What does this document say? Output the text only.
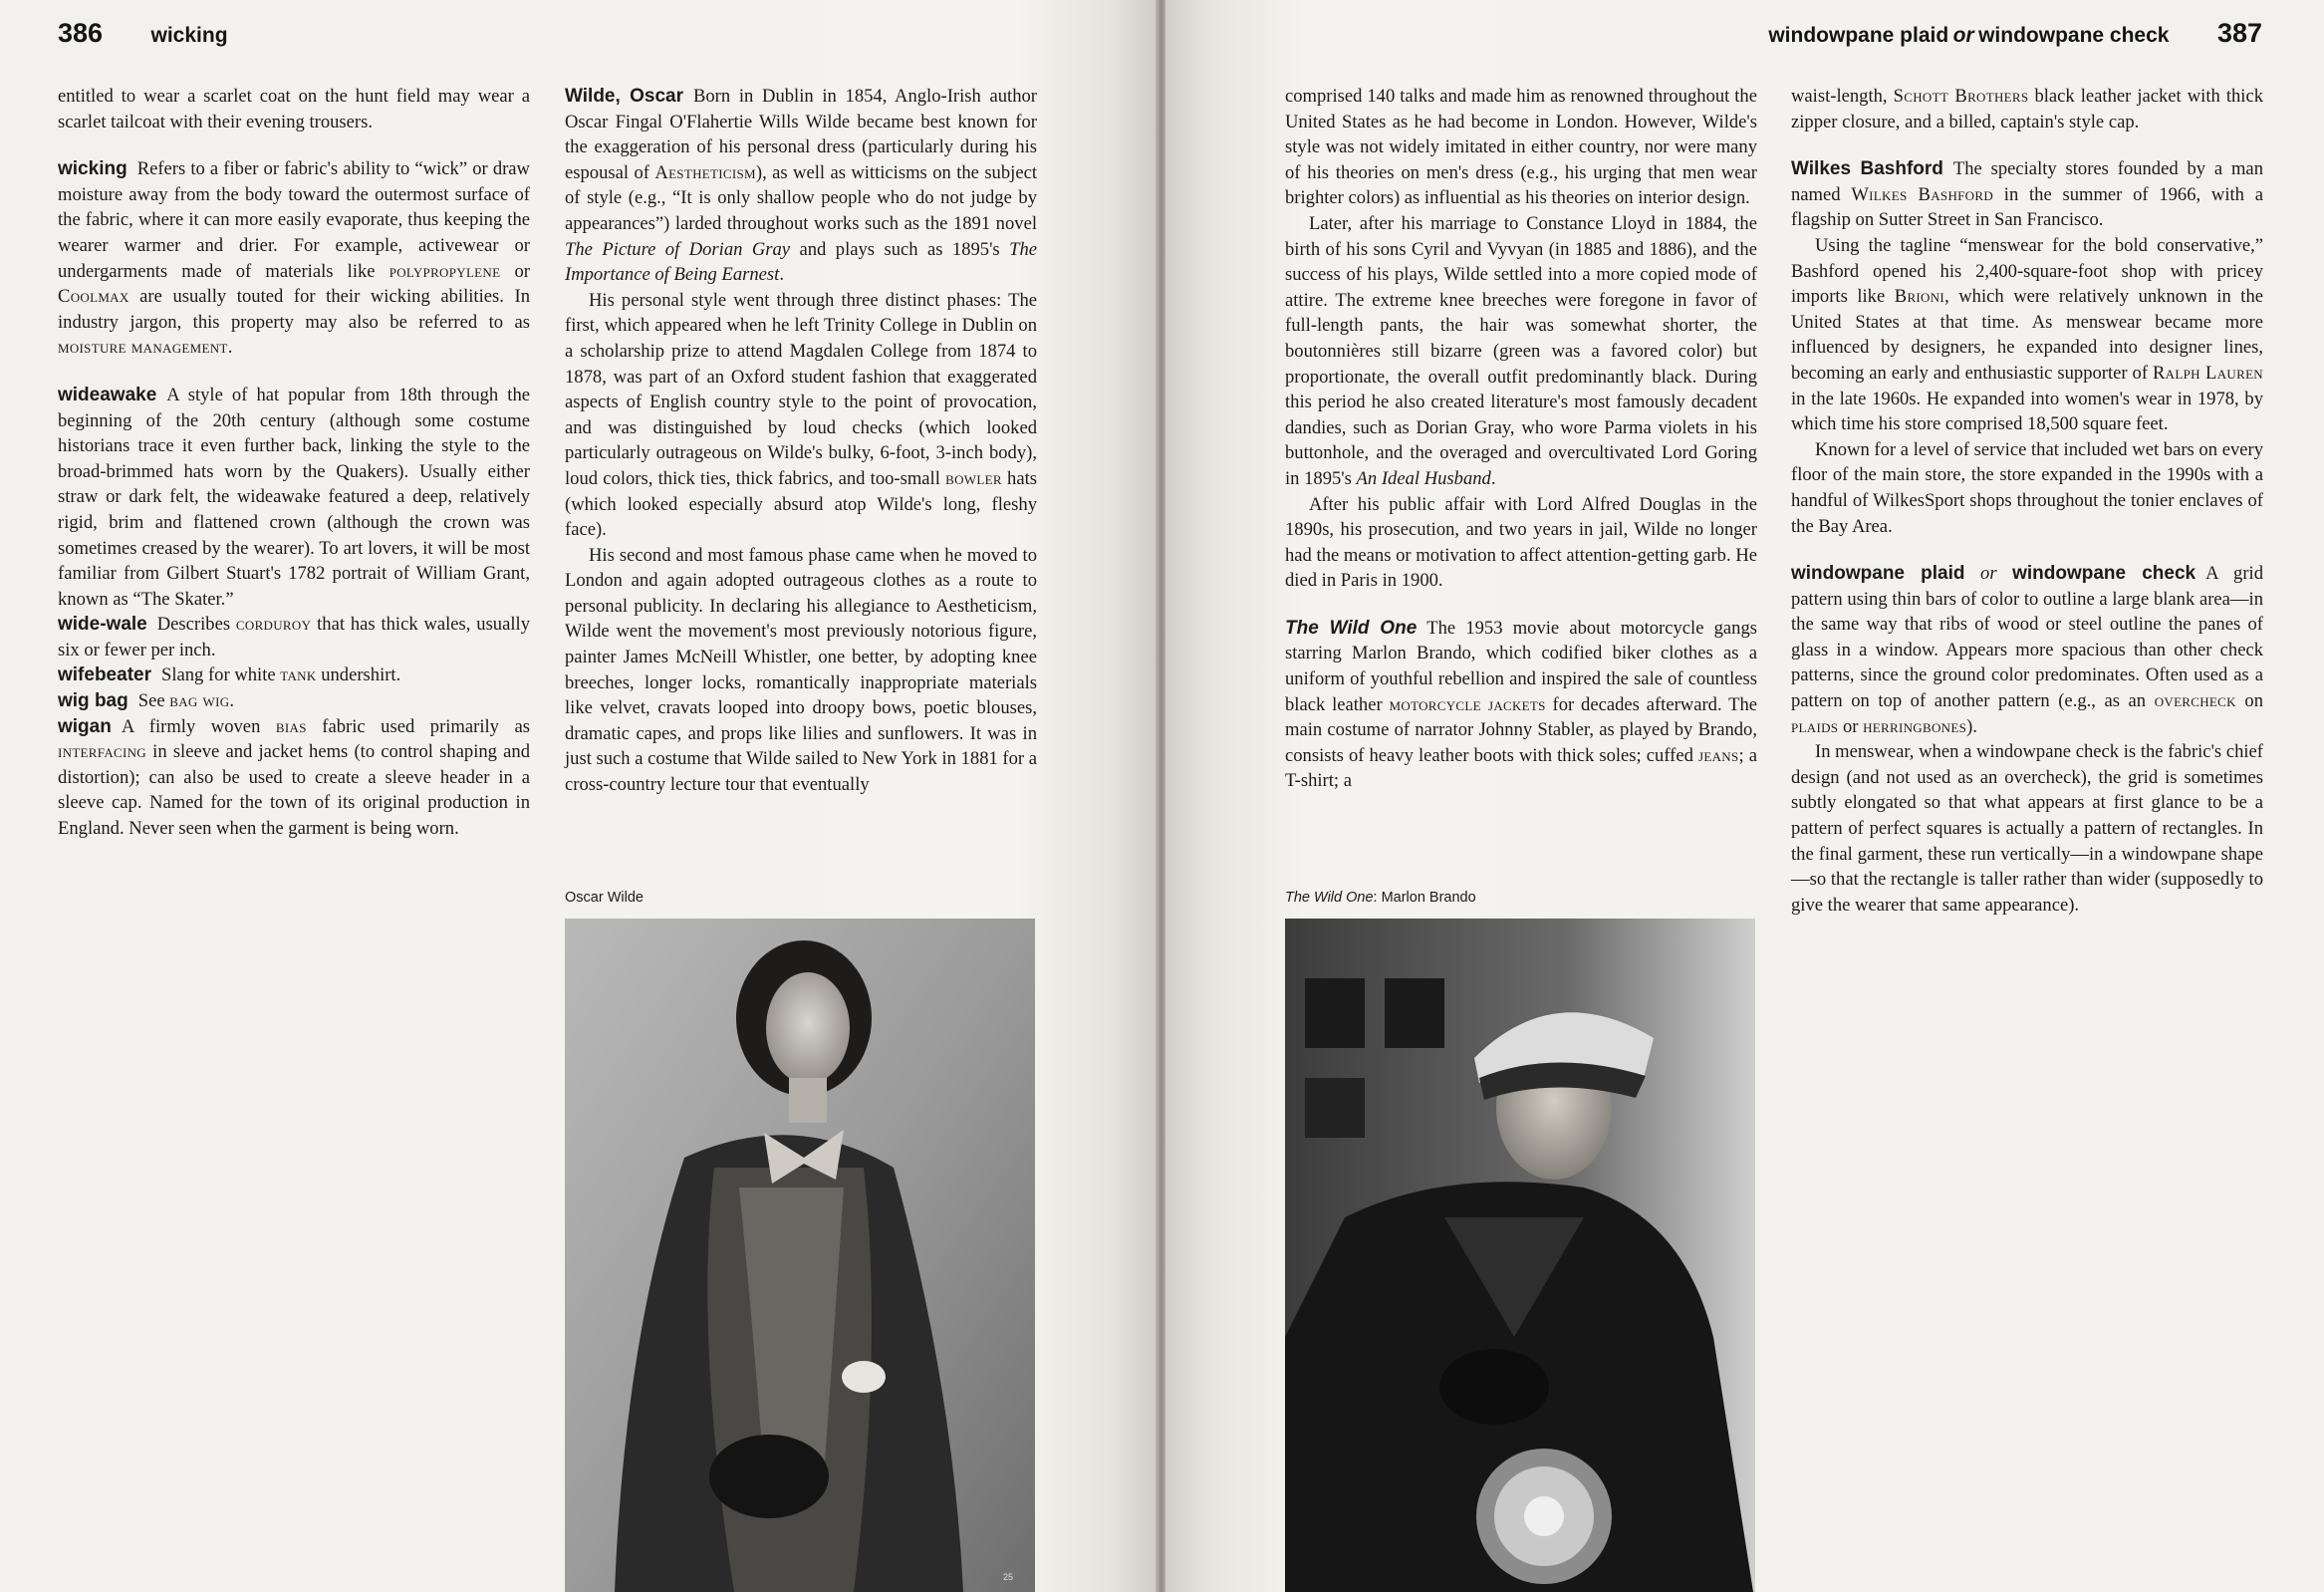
386 wicking

entitled to wear a scarlet coat on the hunt field may wear a scarlet tailcoat with their evening trousers.

wicking Refers to a fiber or fabric's ability to “wick” or draw moisture away from the body toward the outermost surface of the fabric, where it can more easily evaporate, thus keeping the wearer warmer and drier. For example, activewear or undergarments made of materials like polypropylene or Coolmax are usually touted for their wicking abilities. In industry jargon, this property may also be referred to as moisture management.

wideawake A style of hat popular from 18th through the beginning of the 20th century (although some costume historians trace it even further back, linking the style to the broad-brimmed hats worn by the Quakers). Usually either straw or dark felt, the wideawake featured a deep, relatively rigid, brim and flattened crown (although the crown was sometimes creased by the wearer). To art lovers, it will be most familiar from Gilbert Stuart's 1782 portrait of William Grant, known as “The Skater.”

wide-wale Describes corduroy that has thick wales, usually six or fewer per inch.

wifebeater Slang for white tank undershirt.

wig bag See bag wig.

wigan A firmly woven bias fabric used primarily as interfacing in sleeve and jacket hems (to control shaping and distortion); can also be used to create a sleeve header in a sleeve cap. Named for the town of its original production in England. Never seen when the garment is being worn.

Wilde, Oscar Born in Dublin in 1854, Anglo-Irish author Oscar Fingal O'Flahertie Wills Wilde became best known for the exaggeration of his personal dress (particularly during his espousal of Aestheticism), as well as witticisms on the subject of style (e.g., “It is only shallow people who do not judge by appearances”) larded throughout works such as the 1891 novel The Picture of Dorian Gray and plays such as 1895's The Importance of Being Earnest.

His personal style went through three distinct phases: The first, which appeared when he left Trinity College in Dublin on a scholarship prize to attend Magdalen College from 1874 to 1878, was part of an Oxford student fashion that exaggerated aspects of English country style to the point of provocation, and was distinguished by loud checks (which looked particularly outrageous on Wilde's bulky, 6-foot, 3-inch body), loud colors, thick ties, thick fabrics, and too-small bowler hats (which looked especially absurd atop Wilde's long, fleshy face).

His second and most famous phase came when he moved to London and again adopted outrageous clothes as a route to personal publicity. In declaring his allegiance to Aestheticism, Wilde went the movement's most previously notorious figure, painter James McNeill Whistler, one better, by adopting knee breeches, longer locks, romantically inappropriate materials like velvet, cravats looped into droopy bows, poetic blouses, dramatic capes, and props like lilies and sunflowers. It was in just such a costume that Wilde sailed to New York in 1881 for a cross-country lecture tour that eventually

Oscar Wilde
25
windowpane plaid or windowpane check 387

comprised 140 talks and made him as renowned throughout the United States as he had become in London. However, Wilde's style was not widely imitated in either country, nor were many of his theories on men's dress (e.g., his urging that men wear brighter colors) as influential as his theories on interior design.

Later, after his marriage to Constance Lloyd in 1884, the birth of his sons Cyril and Vyvyan (in 1885 and 1886), and the success of his plays, Wilde settled into a more copied mode of attire. The extreme knee breeches were foregone in favor of full-length pants, the hair was somewhat shorter, the boutonnières still bizarre (green was a favored color) but proportionate, the overall outfit predominantly black. During this period he also created literature's most famously decadent dandies, such as Dorian Gray, who wore Parma violets in his buttonhole, and the overaged and overcultivated Lord Goring in 1895's An Ideal Husband.

After his public affair with Lord Alfred Douglas in the 1890s, his prosecution, and two years in jail, Wilde no longer had the means or motivation to affect attention-getting garb. He died in Paris in 1900.

The Wild One The 1953 movie about motorcycle gangs starring Marlon Brando, which codified biker clothes as a uniform of youthful rebellion and inspired the sale of countless black leather motorcycle jackets for decades afterward. The main costume of narrator Johnny Stabler, as played by Brando, consists of heavy leather boots with thick soles; cuffed jeans; a T-shirt; a

The Wild One: Marlon Brando

waist-length, Schott Brothers black leather jacket with thick zipper closure, and a billed, captain's style cap.

Wilkes Bashford The specialty stores founded by a man named Wilkes Bashford in the summer of 1966, with a flagship on Sutter Street in San Francisco.

Using the tagline “menswear for the bold conservative,” Bashford opened his 2,400-square-foot shop with pricey imports like Brioni, which were relatively unknown in the United States at that time. As menswear became more influenced by designers, he expanded into designer lines, becoming an early and enthusiastic supporter of Ralph Lauren in the late 1960s. He expanded into women's wear in 1978, by which time his store comprised 18,500 square feet.

Known for a level of service that included wet bars on every floor of the main store, the store expanded in the 1990s with a handful of WilkesSport shops throughout the tonier enclaves of the Bay Area.

windowpane plaid or windowpane check A grid pattern using thin bars of color to outline a large blank area—in the same way that ribs of wood or steel outline the panes of glass in a window. Appears more spacious than other check patterns, since the ground color predominates. Often used as a pattern on top of another pattern (e.g., as an overcheck on plaids or herringbones).

In menswear, when a windowpane check is the fabric's chief design (and not used as an overcheck), the grid is sometimes subtly elongated so that what appears at first glance to be a pattern of perfect squares is actually a pattern of rectangles. In the final garment, these run vertically—in a windowpane shape—so that the rectangle is taller rather than wider (supposedly to give the wearer that same appearance).
